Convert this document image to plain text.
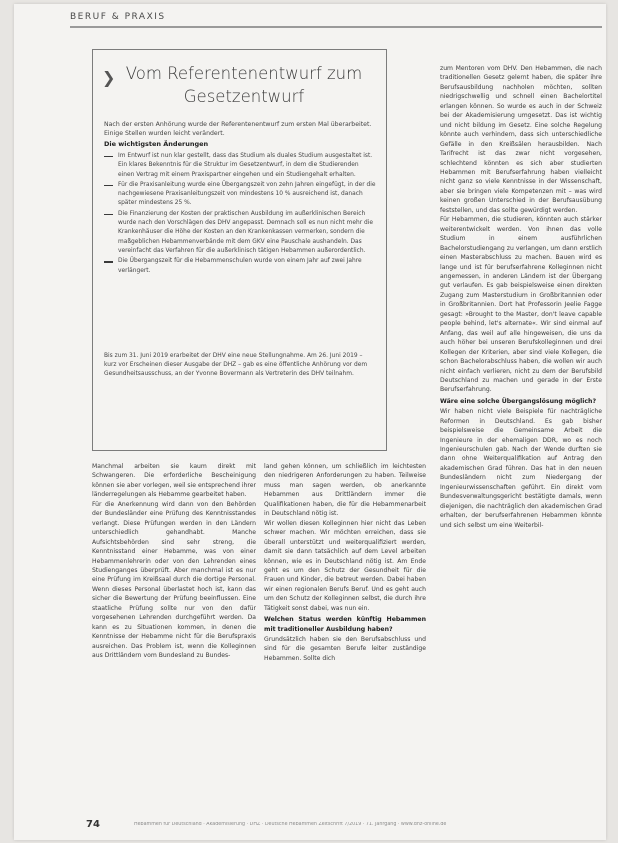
BERUF & PRAXIS
❯ Vom Referentenentwurf zum Gesetzentwurf
Nach der ersten Anhörung wurde der Referentenentwurf zum ersten Mal überarbeitet. Einige Stellen wurden leicht verändert.
Die wichtigsten Änderungen
Im Entwurf ist nun klar gestellt, dass das Studium als duales Studium ausgestaltet ist. Ein klares Bekenntnis für die Struktur im Gesetzentwurf, in dem die Studierenden einen Vertrag mit einem Praxispartner eingehen und ein Studiengehalt erhalten.
Für die Praxisanleitung wurde eine Übergangszeit von zehn Jahren eingefügt, in der die nachgewiesene Praxisanleitungszeit von mindestens 10 % ausreichend ist, danach später mindestens 25 %.
Die Finanzierung der Kosten der praktischen Ausbildung im außerklinischen Bereich wurde nach den Vorschlägen des DHV angepasst. Demnach soll es nun nicht mehr die Krankenhäuser die Höhe der Kosten an den Krankenkassen vermerken, sondern die maßgeblichen Hebammenverbände mit dem GKV eine Pauschale aushandeln. Das vereinfacht das Verfahren für die außerklinisch tätigen Hebammen außerordentlich.
Die Übergangszeit für die Hebammenschulen wurde von einem Jahr auf zwei Jahre verlängert.
Bis zum 31. Juni 2019 erarbeitet der DHV eine neue Stellungnahme. Am 26. Juni 2019 – kurz vor Erscheinen dieser Ausgabe der DHZ – gab es eine öffentliche Anhörung vor dem Gesundheitsausschuss, an der Yvonne Bovermann als Vertreterin des DHV teilnahm.

Manchmal arbeiten sie kaum direkt mit Schwangeren. Die erforderliche Bescheinigung können sie aber vorlegen, weil sie entsprechend ihrer länderregelungen als Hebamme gearbeitet haben.

Für die Anerkennung wird dann von den Behörden der Bundesländer eine Prüfung des Kenntnisstandes verlangt. Diese Prüfungen werden in den Ländern unterschiedlich gehandhabt. Manche Aufsichtsbehörden sind sehr streng, die Kenntnisstand einer Hebamme, was von einer Hebammenlehrerin oder von den Lehrenden eines Studienganges überprüft. Aber manchmal ist es nur eine Prüfung im Kreißsaal durch die dortige Personal. Wenn dieses Personal überlastet hoch ist, kann das sicher die Bewertung der Prüfung beeinflussen. Eine staatliche Prüfung sollte nur von den dafür vorgesehenen Lehrenden durchgeführt werden. Da kann es zu Situationen kommen, in denen die Kenntnisse der Hebamme nicht für die Berufspraxis ausreichen. Das Problem ist, wenn die Kolleginnen aus Drittländern vom Bundesland zu Bundes-

land gehen können, um schließlich im leichtesten den niedrigeren Anforderungen zu haben. Teilweise muss man sagen werden, ob anerkannte Hebammen aus Drittländern immer die Qualifikationen haben, die für die Hebammenarbeit in Deutschland nötig ist.

Wir wollen diesen Kolleginnen hier nicht das Leben schwer machen. Wir möchten erreichen, dass sie überall unterstützt und weiterqualifiziert werden, damit sie dann tatsächlich auf dem Level arbeiten können, wie es in Deutschland nötig ist. Am Ende geht es um den Schutz der Gesundheit für die Frauen und Kinder, die betreut werden. Dabei haben wir einen regionalen Berufs Beruf. Und es geht auch um den Schutz der Kolleginnen selbst, die durch ihre Tätigkeit sonst dabei, was nun ein.

Welchen Status werden künftig Hebammen mit traditioneller Ausbildung haben?

Grundsätzlich haben sie den Berufsabschluss und sind für die gesamten Berufe leiter zuständige Hebammen. Sollte dich

zum Mentoren vom DHV. Den Hebammen, die nach traditionellen Gesetz gelernt haben, die später ihre Berufsausbildung nachholen möchten, sollten niedrigschwellig und schnell einen Bachelortitel erlangen können. So wurde es auch in der Schweiz bei der Akademisierung umgesetzt. Das ist wichtig und nicht bildung im Gesetz. Eine solche Regelung könnte auch verhindern, dass sich unterschiedliche Gefälle in den Kreißsälen herausbilden. Nach Tarifrecht ist das zwar nicht vorgesehen, schlechtend könnten es sich aber studierten Hebammen mit Berufserfahrung haben vielleicht nicht ganz so viele Kenntnisse in der Wissenschaft, aber sie bringen viele Kompetenzen mit – was wird keinen großen Unterschied in der Berufsausübung feststellen, und das sollte gewürdigt werden.

Für Hebammen, die studieren, könnten auch stärker weiterentwickelt werden. Von ihnen das volle Studium in einem ausführlichen Bachelorstudiengang zu verlangen, um dann erstlich einen Masterabschluss zu machen. Bauen wird es lange und ist für berufserfahrene Kolleginnen nicht angemessen, in anderen Ländern ist der Übergang gut verlaufen. Es gab beispielsweise einen direkten Zugang zum Masterstudium in Großbritannien oder in Großbritannien. Dort hat Professorin Jeelie Fagge gesagt: »Brought to the Master, don't leave capable people behind, let's alternate«. Wir sind einmal auf Anfang, das weil auf alle hingeweisen, die uns da auch höher bei unseren Berufskolleginnen und drei Kollegen der Kriterien, aber sind viele Kollegen, die schon Bachelorabschluss haben, die wollen wir auch nicht einfach verlieren, nicht zu dem der Berufsbild Deutschland zu machen und gerade in der Erste Berufserfahrung.

Wäre eine solche Übergangslösung möglich?

Wir haben nicht viele Beispiele für nachträgliche Reformen in Deutschland. Es gab bisher beispielsweise die Gemeinsame Arbeit die Ingenieure in der ehemaligen DDR, wo es noch Ingenieurschulen gab. Nach der Wende durften sie dann ohne Weiterqualifikation auf Antrag den akademischen Grad führen. Das hat in den neuen Bundesländern nicht zum Niedergang der Ingenieurwissenschaften geführt. Ein direkt vom Bundesverwaltungsgericht bestätigte damals, wenn diejenigen, die nachträglich den akademischen Grad erhalten, der berufserfahrenen Hebammen könnte und sich selbst um eine Weiterbil-

74	Hebammen für Deutschland · Akademisierung · DHZ · Deutsche Hebammen Zeitschrift 7/2019 · 71. Jahrgang · www.dhz-online.de
